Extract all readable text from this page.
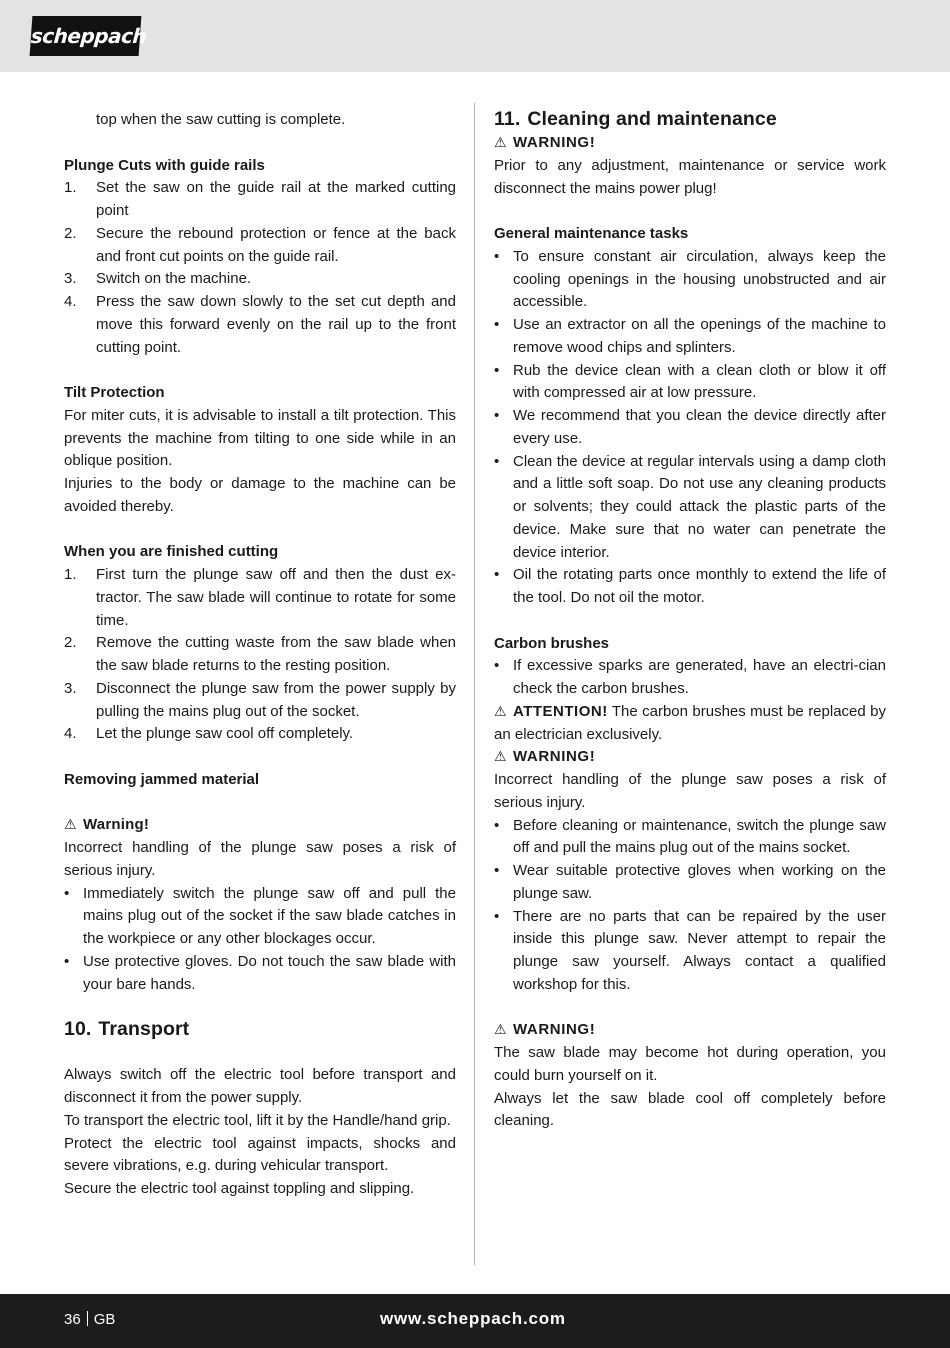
scheppach
top when the saw cutting is complete.
Plunge Cuts with guide rails
1. Set the saw on the guide rail at the marked cutting point
2. Secure the rebound protection or fence at the back and front cut points on the guide rail.
3. Switch on the machine.
4. Press the saw down slowly to the set cut depth and move this forward evenly on the rail up to the front cutting point.
Tilt Protection
For miter cuts, it is advisable to install a tilt protection. This prevents the machine from tilting to one side while in an oblique position.
Injuries to the body or damage to the machine can be avoided thereby.
When you are finished cutting
1. First turn the plunge saw off and then the dust ex-tractor. The saw blade will continue to rotate for some time.
2. Remove the cutting waste from the saw blade when the saw blade returns to the resting position.
3. Disconnect the plunge saw from the power supply by pulling the mains plug out of the socket.
4. Let the plunge saw cool off completely.
Removing jammed material
⚠ Warning!
Incorrect handling of the plunge saw poses a risk of serious injury.
• Immediately switch the plunge saw off and pull the mains plug out of the socket if the saw blade catches in the workpiece or any other blockages occur.
• Use protective gloves. Do not touch the saw blade with your bare hands.
10. Transport
Always switch off the electric tool before transport and disconnect it from the power supply.
To transport the electric tool, lift it by the Handle/hand grip.
Protect the electric tool against impacts, shocks and severe vibrations, e.g. during vehicular transport.
Secure the electric tool against toppling and slipping.
11. Cleaning and maintenance
⚠ WARNING!
Prior to any adjustment, maintenance or service work disconnect the mains power plug!
General maintenance tasks
• To ensure constant air circulation, always keep the cooling openings in the housing unobstructed and air accessible.
• Use an extractor on all the openings of the machine to remove wood chips and splinters.
• Rub the device clean with a clean cloth or blow it off with compressed air at low pressure.
• We recommend that you clean the device directly after every use.
• Clean the device at regular intervals using a damp cloth and a little soft soap. Do not use any cleaning products or solvents; they could attack the plastic parts of the device. Make sure that no water can penetrate the device interior.
• Oil the rotating parts once monthly to extend the life of the tool. Do not oil the motor.
Carbon brushes
• If excessive sparks are generated, have an electri-cian check the carbon brushes.
⚠ ATTENTION! The carbon brushes must be replaced by an electrician exclusively.
⚠ WARNING!
Incorrect handling of the plunge saw poses a risk of serious injury.
• Before cleaning or maintenance, switch the plunge saw off and pull the mains plug out of the mains socket.
• Wear suitable protective gloves when working on the plunge saw.
• There are no parts that can be repaired by the user inside this plunge saw. Never attempt to repair the plunge saw yourself. Always contact a qualified workshop for this.
⚠ WARNING!
The saw blade may become hot during operation, you could burn yourself on it.
Always let the saw blade cool off completely before cleaning.
36 GB	www.scheppach.com
